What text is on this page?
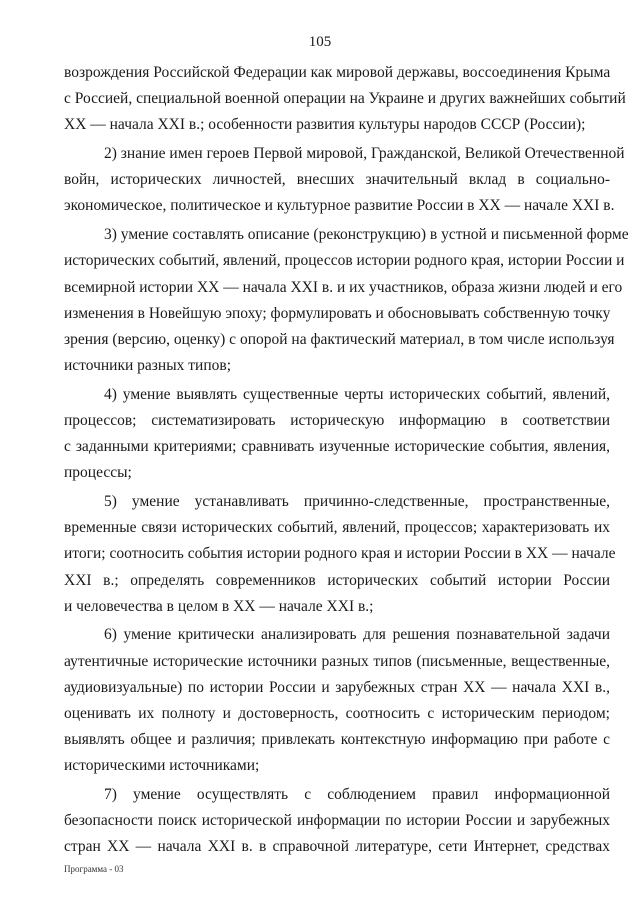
105
возрождения Российской Федерации как мировой державы, воссоединения Крыма
с Россией, специальной военной операции на Украине и других важнейших событий
XX — начала XXI в.; особенности развития культуры народов СССР (России);
2) знание имен героев Первой мировой, Гражданской, Великой Отечественной
войн, исторических личностей, внесших значительный вклад в социально-
экономическое, политическое и культурное развитие России в XX — начале XXI в.
3) умение составлять описание (реконструкцию) в устной и письменной форме
исторических событий, явлений, процессов истории родного края, истории России и
всемирной истории XX — начала XXI в. и их участников, образа жизни людей и его
изменения в Новейшую эпоху; формулировать и обосновывать собственную точку
зрения (версию, оценку) с опорой на фактический материал, в том числе используя
источники разных типов;
4) умение выявлять существенные черты исторических событий, явлений,
процессов; систематизировать историческую информацию в соответствии
с заданными критериями; сравнивать изученные исторические события, явления,
процессы;
5) умение устанавливать причинно-следственные, пространственные,
временные связи исторических событий, явлений, процессов; характеризовать их
итоги; соотносить события истории родного края и истории России в XX — начале
XXI в.; определять современников исторических событий истории России
и человечества в целом в XX — начале XXI в.;
6) умение критически анализировать для решения познавательной задачи
аутентичные исторические источники разных типов (письменные, вещественные,
аудиовизуальные) по истории России и зарубежных стран XX — начала XXI в.,
оценивать их полноту и достоверность, соотносить с историческим периодом;
выявлять общее и различия; привлекать контекстную информацию при работе с
историческими источниками;
7) умение осуществлять с соблюдением правил информационной
безопасности поиск исторической информации по истории России и зарубежных
стран XX — начала XXI в. в справочной литературе, сети Интернет, средствах
Программа - 03
